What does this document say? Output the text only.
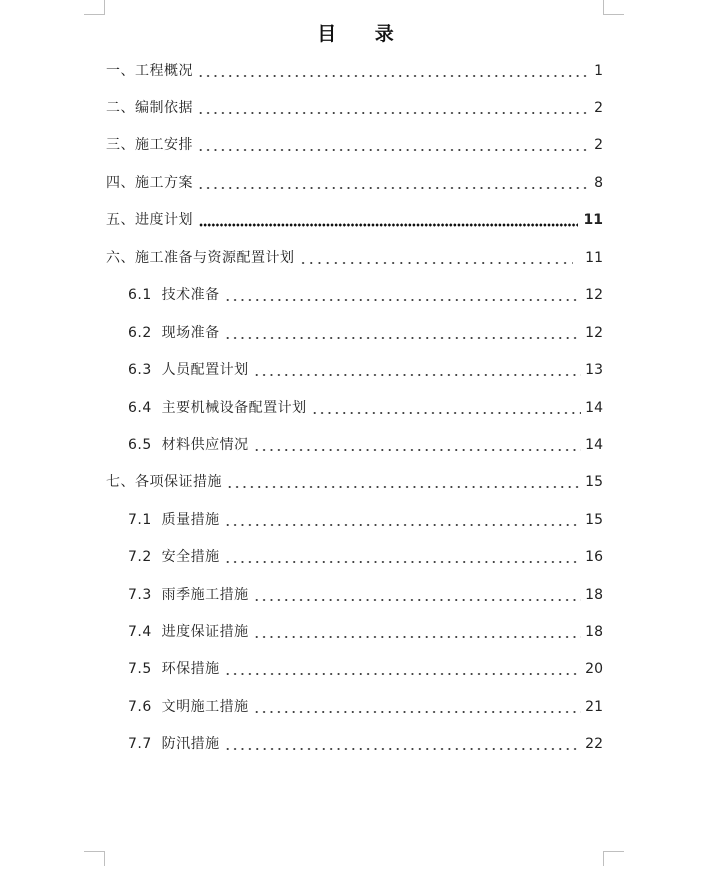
目 录
一、工程概况	1
二、编制依据	2
三、施工安排	2
四、施工方案	8
五、进度计划	11
六、施工准备与资源配置计划	11
6.1  技术准备	12
6.2  现场准备	12
6.3  人员配置计划	13
6.4  主要机械设备配置计划	14
6.5  材料供应情况	14
七、各项保证措施	15
7.1  质量措施	15
7.2  安全措施	16
7.3  雨季施工措施	18
7.4  进度保证措施	18
7.5  环保措施	20
7.6  文明施工措施	21
7.7  防汛措施	22
